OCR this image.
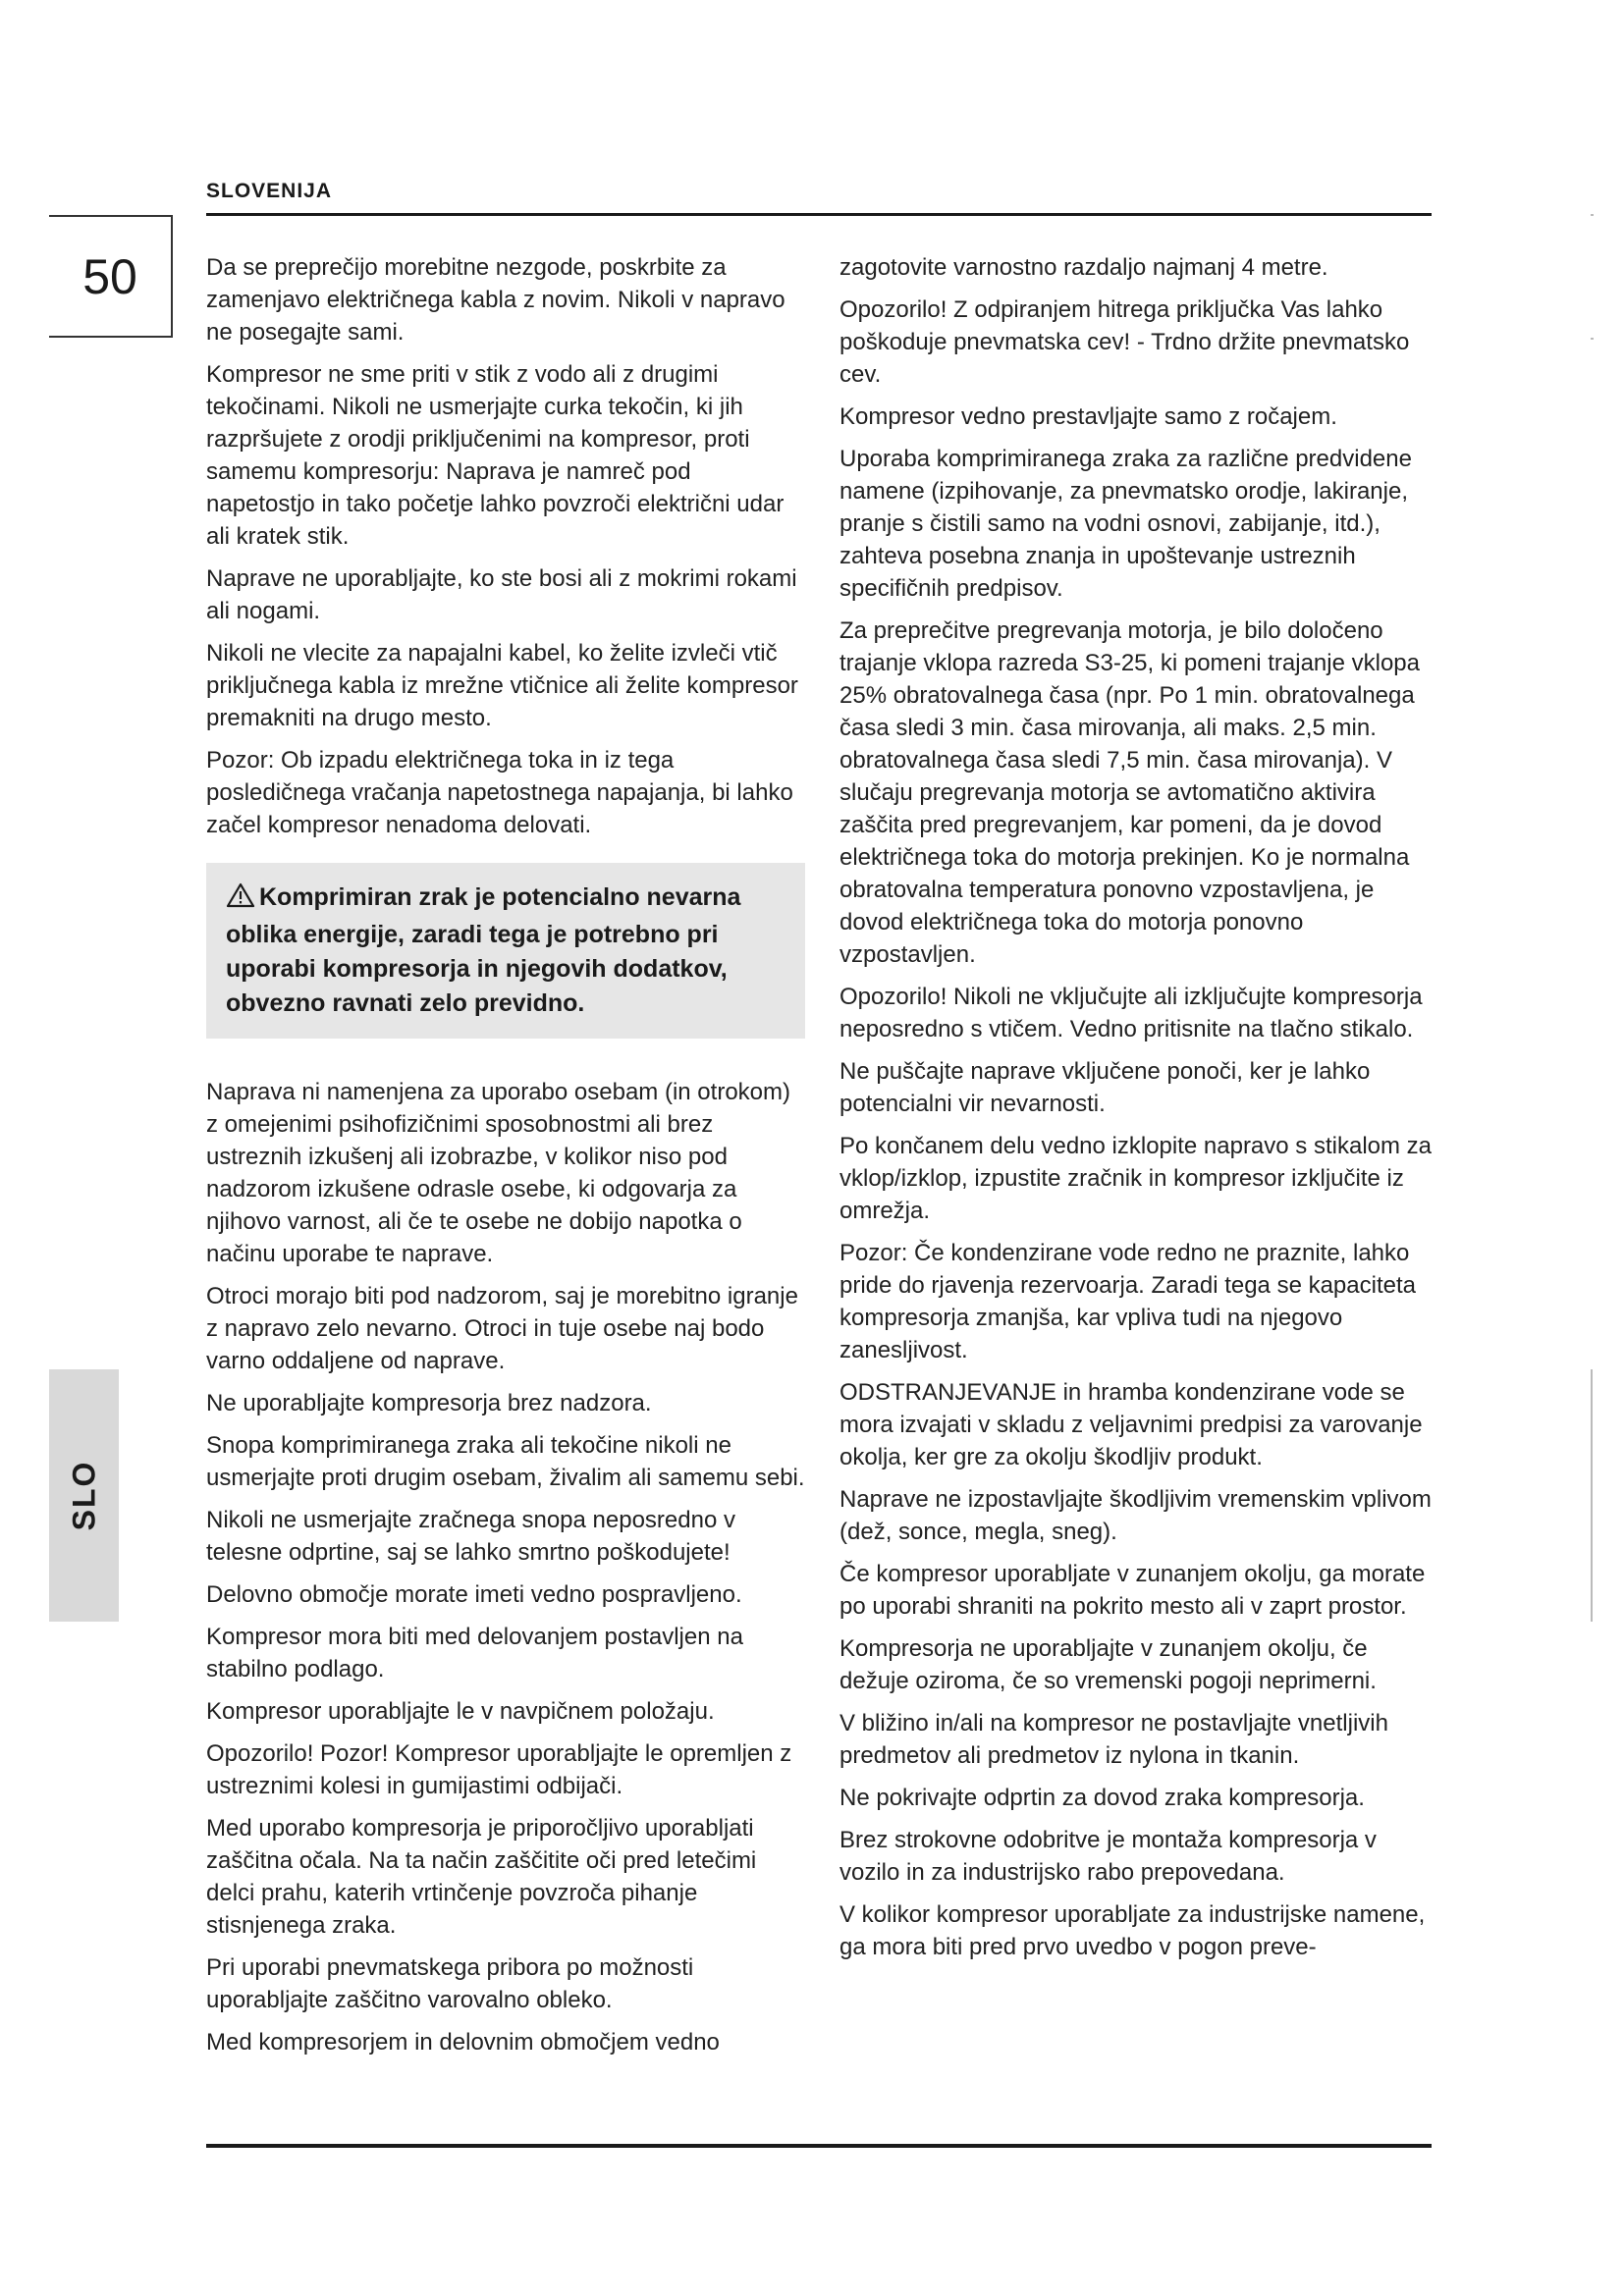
SLOVENIJA
50
SLO

Da se preprečijo morebitne nezgode, poskrbite za zamenjavo električnega kabla z novim. Nikoli v napravo ne posegajte sami.

Kompresor ne sme priti v stik z vodo ali z drugimi tekočinami. Nikoli ne usmerjajte curka tekočin, ki jih razpršujete z orodji priključenimi na kompresor, proti samemu kompresorju: Naprava je namreč pod napetostjo in tako početje lahko povzroči električni udar ali kratek stik.

Naprave ne uporabljajte, ko ste bosi ali z mokrimi rokami ali nogami.

Nikoli ne vlecite za napajalni kabel, ko želite izvleči vtič priključnega kabla iz mrežne vtičnice ali želite kompresor premakniti na drugo mesto.

Pozor: Ob izpadu električnega toka in iz tega posledičnega vračanja napetostnega napajanja, bi lahko začel kompresor nenadoma delovati.

Komprimiran zrak je potencialno nevarna oblika energije, zaradi tega je potrebno pri uporabi kompresorja in njegovih dodatkov, obvezno ravnati zelo previdno.

Naprava ni namenjena za uporabo osebam (in otrokom) z omejenimi psihofizičnimi sposobnostmi ali brez ustreznih izkušenj ali izobrazbe, v kolikor niso pod nadzorom izkušene odrasle osebe, ki odgovarja za njihovo varnost, ali če te osebe ne dobijo napotka o načinu uporabe te naprave.

Otroci morajo biti pod nadzorom, saj je morebitno igranje z napravo zelo nevarno. Otroci in tuje osebe naj bodo varno oddaljene od naprave.

Ne uporabljajte kompresorja brez nadzora.

Snopa komprimiranega zraka ali tekočine nikoli ne usmerjajte proti drugim osebam, živalim ali samemu sebi.

Nikoli ne usmerjajte zračnega snopa neposredno v telesne odprtine, saj se lahko smrtno poškodujete!

Delovno območje morate imeti vedno pospravljeno.

Kompresor mora biti med delovanjem postavljen na stabilno podlago.

Kompresor uporabljajte le v navpičnem položaju.

Opozorilo! Pozor! Kompresor uporabljajte le opremljen z ustreznimi kolesi in gumijastimi odbijači.

Med uporabo kompresorja je priporočljivo uporabljati zaščitna očala. Na ta način zaščitite oči pred letečimi delci prahu, katerih vrtinčenje povzroča pihanje stisnjenega zraka.

Pri uporabi pnevmatskega pribora po možnosti uporabljajte zaščitno varovalno obleko.

Med kompresorjem in delovnim območjem vedno

zagotovite varnostno razdaljo najmanj 4 metre.

Opozorilo! Z odpiranjem hitrega priključka Vas lahko poškoduje pnevmatska cev! - Trdno držite pnevmatsko cev.

Kompresor vedno prestavljajte samo z ročajem.

Uporaba komprimiranega zraka za različne predvidene namene (izpihovanje, za pnevmatsko orodje, lakiranje, pranje s čistili samo na vodni osnovi, zabijanje, itd.), zahteva posebna znanja in upoštevanje ustreznih specifičnih predpisov.

Za preprečitve pregrevanja motorja, je bilo določeno trajanje vklopa razreda S3-25, ki pomeni trajanje vklopa 25% obratovalnega časa (npr. Po 1 min. obratovalnega časa sledi 3 min. časa mirovanja, ali maks. 2,5 min. obratovalnega časa sledi 7,5 min. časa mirovanja). V slučaju pregrevanja motorja se avtomatično aktivira zaščita pred pregrevanjem, kar pomeni, da je dovod električnega toka do motorja prekinjen. Ko je normalna obratovalna temperatura ponovno vzpostavljena, je dovod električnega toka do motorja ponovno vzpostavljen.

Opozorilo! Nikoli ne vključujte ali izključujte kompresorja neposredno s vtičem. Vedno pritisnite na tlačno stikalo.

Ne puščajte naprave vključene ponoči, ker je lahko potencialni vir nevarnosti.

Po končanem delu vedno izklopite napravo s stikalom za vklop/izklop, izpustite zračnik in kompresor izključite iz omrežja.

Pozor: Če kondenzirane vode redno ne praznite, lahko pride do rjavenja rezervoarja. Zaradi tega se kapaciteta kompresorja zmanjša, kar vpliva tudi na njegovo zanesljivost.

ODSTRANJEVANJE in hramba kondenzirane vode se mora izvajati v skladu z veljavnimi predpisi za varovanje okolja, ker gre za okolju škodljiv produkt.

Naprave ne izpostavljajte škodljivim vremenskim vplivom (dež, sonce, megla, sneg).

Če kompresor uporabljate v zunanjem okolju, ga morate po uporabi shraniti na pokrito mesto ali v zaprt prostor.

Kompresorja ne uporabljajte v zunanjem okolju, če dežuje oziroma, če so vremenski pogoji neprimerni.

V bližino in/ali na kompresor ne postavljajte vnetljivih predmetov ali predmetov iz nylona in tkanin.

Ne pokrivajte odprtin za dovod zraka kompresorja.

Brez strokovne odobritve je montaža kompresorja v vozilo in za industrijsko rabo prepovedana.

V kolikor kompresor uporabljate za industrijske namene, ga mora biti pred prvo uvedbo v pogon preve-
